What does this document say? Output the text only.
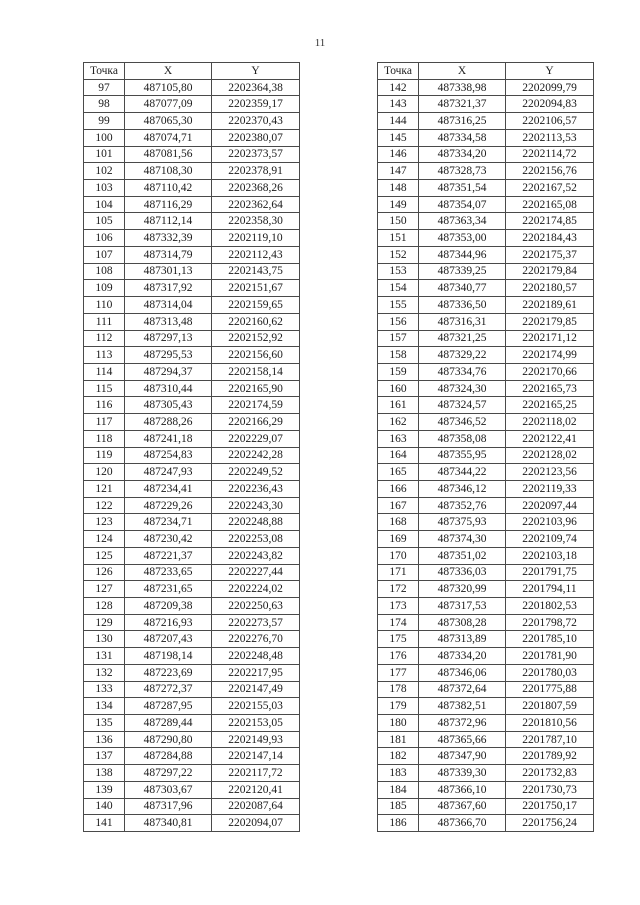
11
Точка	X	Y
97	487105,80	2202364,38
98	487077,09	2202359,17
99	487065,30	2202370,43
100	487074,71	2202380,07
101	487081,56	2202373,57
102	487108,30	2202378,91
103	487110,42	2202368,26
104	487116,29	2202362,64
105	487112,14	2202358,30
106	487332,39	2202119,10
107	487314,79	2202112,43
108	487301,13	2202143,75
109	487317,92	2202151,67
110	487314,04	2202159,65
111	487313,48	2202160,62
112	487297,13	2202152,92
113	487295,53	2202156,60
114	487294,37	2202158,14
115	487310,44	2202165,90
116	487305,43	2202174,59
117	487288,26	2202166,29
118	487241,18	2202229,07
119	487254,83	2202242,28
120	487247,93	2202249,52
121	487234,41	2202236,43
122	487229,26	2202243,30
123	487234,71	2202248,88
124	487230,42	2202253,08
125	487221,37	2202243,82
126	487233,65	2202227,44
127	487231,65	2202224,02
128	487209,38	2202250,63
129	487216,93	2202273,57
130	487207,43	2202276,70
131	487198,14	2202248,48
132	487223,69	2202217,95
133	487272,37	2202147,49
134	487287,95	2202155,03
135	487289,44	2202153,05
136	487290,80	2202149,93
137	487284,88	2202147,14
138	487297,22	2202117,72
139	487303,67	2202120,41
140	487317,96	2202087,64
141	487340,81	2202094,07
Точка	X	Y
142	487338,98	2202099,79
143	487321,37	2202094,83
144	487316,25	2202106,57
145	487334,58	2202113,53
146	487334,20	2202114,72
147	487328,73	2202156,76
148	487351,54	2202167,52
149	487354,07	2202165,08
150	487363,34	2202174,85
151	487353,00	2202184,43
152	487344,96	2202175,37
153	487339,25	2202179,84
154	487340,77	2202180,57
155	487336,50	2202189,61
156	487316,31	2202179,85
157	487321,25	2202171,12
158	487329,22	2202174,99
159	487334,76	2202170,66
160	487324,30	2202165,73
161	487324,57	2202165,25
162	487346,52	2202118,02
163	487358,08	2202122,41
164	487355,95	2202128,02
165	487344,22	2202123,56
166	487346,12	2202119,33
167	487352,76	2202097,44
168	487375,93	2202103,96
169	487374,30	2202109,74
170	487351,02	2202103,18
171	487336,03	2201791,75
172	487320,99	2201794,11
173	487317,53	2201802,53
174	487308,28	2201798,72
175	487313,89	2201785,10
176	487334,20	2201781,90
177	487346,06	2201780,03
178	487372,64	2201775,88
179	487382,51	2201807,59
180	487372,96	2201810,56
181	487365,66	2201787,10
182	487347,90	2201789,92
183	487339,30	2201732,83
184	487366,10	2201730,73
185	487367,60	2201750,17
186	487366,70	2201756,24
